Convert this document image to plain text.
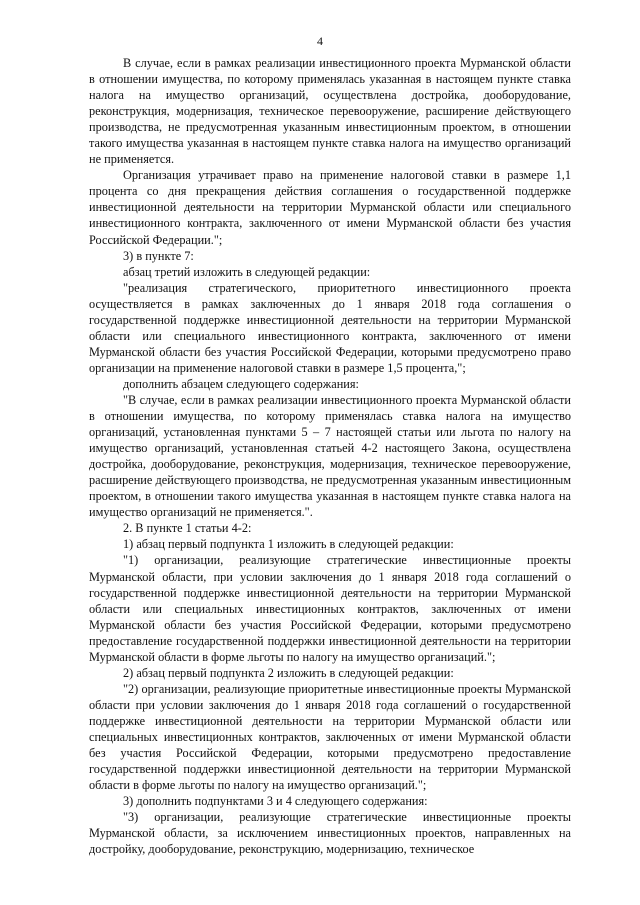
4

В случае, если в рамках реализации инвестиционного проекта Мурманской области в отношении имущества, по которому применялась указанная в настоящем пункте ставка налога на имущество организаций, осуществлена достройка, дооборудование, реконструкция, модернизация, техническое перевооружение, расширение действующего производства, не предусмотренная указанным инвестиционным проектом, в отношении такого имущества указанная в настоящем пункте ставка налога на имущество организаций не применяется.

Организация утрачивает право на применение налоговой ставки в размере 1,1 процента со дня прекращения действия соглашения о государственной поддержке инвестиционной деятельности на территории Мурманской области или специального инвестиционного контракта, заключенного от имени Мурманской области без участия Российской Федерации.";

3) в пункте 7:

абзац третий изложить в следующей редакции:

"реализация стратегического, приоритетного инвестиционного проекта осуществляется в рамках заключенных до 1 января 2018 года соглашения о государственной поддержке инвестиционной деятельности на территории Мурманской области или специального инвестиционного контракта, заключенного от имени Мурманской области без участия Российской Федерации, которыми предусмотрено право организации на применение налоговой ставки в размере 1,5 процента,";

дополнить абзацем следующего содержания:

"В случае, если в рамках реализации инвестиционного проекта Мурманской области в отношении имущества, по которому применялась ставка налога на имущество организаций, установленная пунктами 5 – 7 настоящей статьи или льгота по налогу на имущество организаций, установленная статьей 4-2 настоящего Закона, осуществлена достройка, дооборудование, реконструкция, модернизация, техническое перевооружение, расширение действующего производства, не предусмотренная указанным инвестиционным проектом, в отношении такого имущества указанная в настоящем пункте ставка налога на имущество организаций не применяется.".

2. В пункте 1 статьи 4-2:

1) абзац первый подпункта 1 изложить в следующей редакции:

"1) организации, реализующие стратегические инвестиционные проекты Мурманской области, при условии заключения до 1 января 2018 года соглашений о государственной поддержке инвестиционной деятельности на территории Мурманской области или специальных инвестиционных контрактов, заключенных от имени Мурманской области без участия Российской Федерации, которыми предусмотрено предоставление государственной поддержки инвестиционной деятельности на территории Мурманской области в форме льготы по налогу на имущество организаций.";

2) абзац первый подпункта 2 изложить в следующей редакции:

"2) организации, реализующие приоритетные инвестиционные проекты Мурманской области при условии заключения до 1 января 2018 года соглашений о государственной поддержке инвестиционной деятельности на территории Мурманской области или специальных инвестиционных контрактов, заключенных от имени Мурманской области без участия Российской Федерации, которыми предусмотрено предоставление государственной поддержки инвестиционной деятельности на территории Мурманской области в форме льготы по налогу на имущество организаций.";

3) дополнить подпунктами 3 и 4 следующего содержания:

"3) организации, реализующие стратегические инвестиционные проекты Мурманской области, за исключением инвестиционных проектов, направленных на достройку, дооборудование, реконструкцию, модернизацию, техническое
